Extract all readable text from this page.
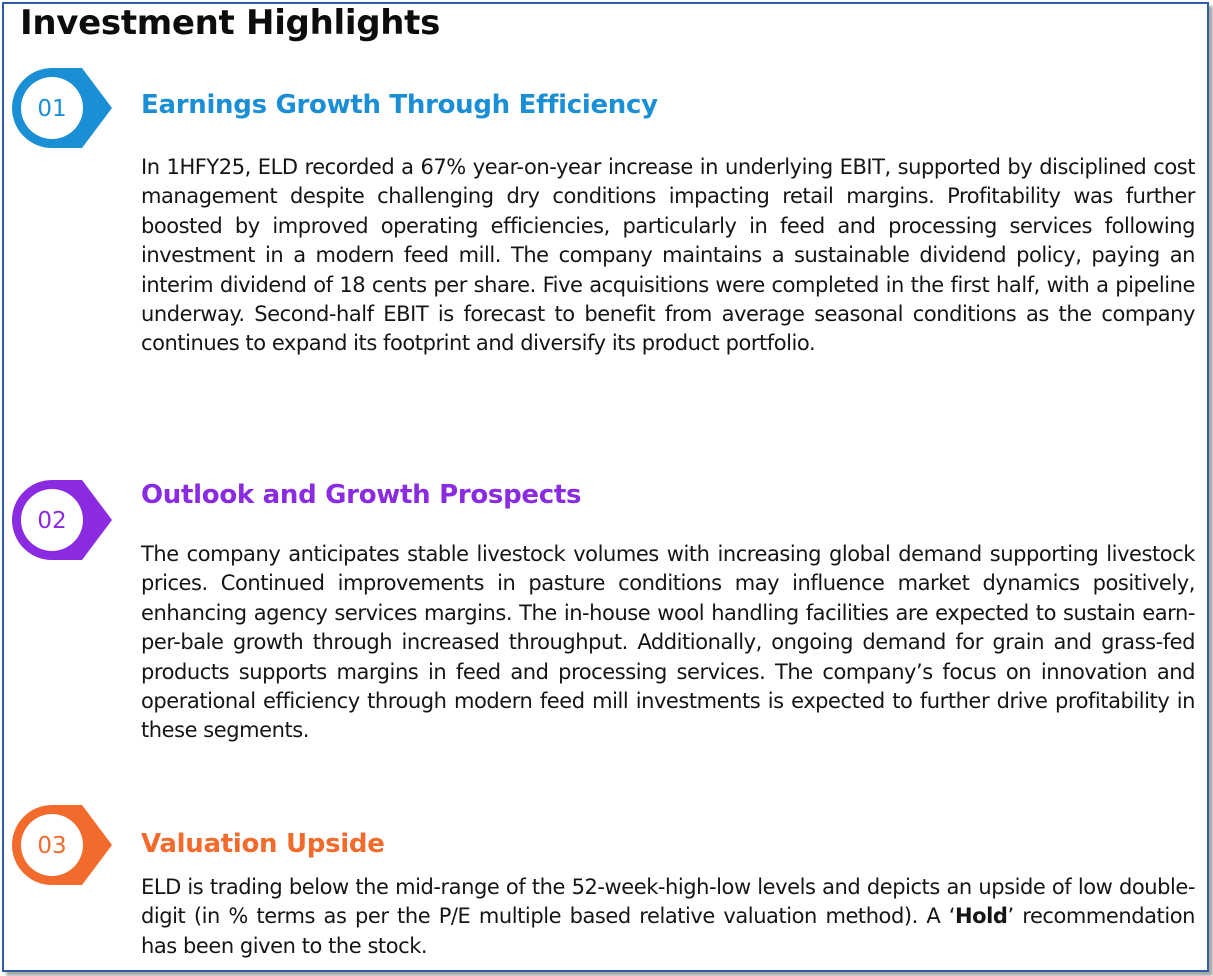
Investment Highlights
01	Earnings Growth Through Efficiency
In 1HFY25, ELD recorded a 67% year-on-year increase in underlying EBIT, supported by disciplined cost management despite challenging dry conditions impacting retail margins. Profitability was further boosted by improved operating efficiencies, particularly in feed and processing services following investment in a modern feed mill. The company maintains a sustainable dividend policy, paying an interim dividend of 18 cents per share. Five acquisitions were completed in the first half, with a pipeline underway. Second-half EBIT is forecast to benefit from average seasonal conditions as the company continues to expand its footprint and diversify its product portfolio.
02
Outlook and Growth Prospects
The company anticipates stable livestock volumes with increasing global demand supporting livestock prices. Continued improvements in pasture conditions may influence market dynamics positively, enhancing agency services margins. The in-house wool handling facilities are expected to sustain earn-per-bale growth through increased throughput. Additionally, ongoing demand for grain and grass-fed products supports margins in feed and processing services. The company’s focus on innovation and operational efficiency through modern feed mill investments is expected to further drive profitability in these segments.
03	Valuation Upside
ELD is trading below the mid-range of the 52-week-high-low levels and depicts an upside of low double-digit (in % terms as per the P/E multiple based relative valuation method). A ‘Hold’ recommendation has been given to the stock.
